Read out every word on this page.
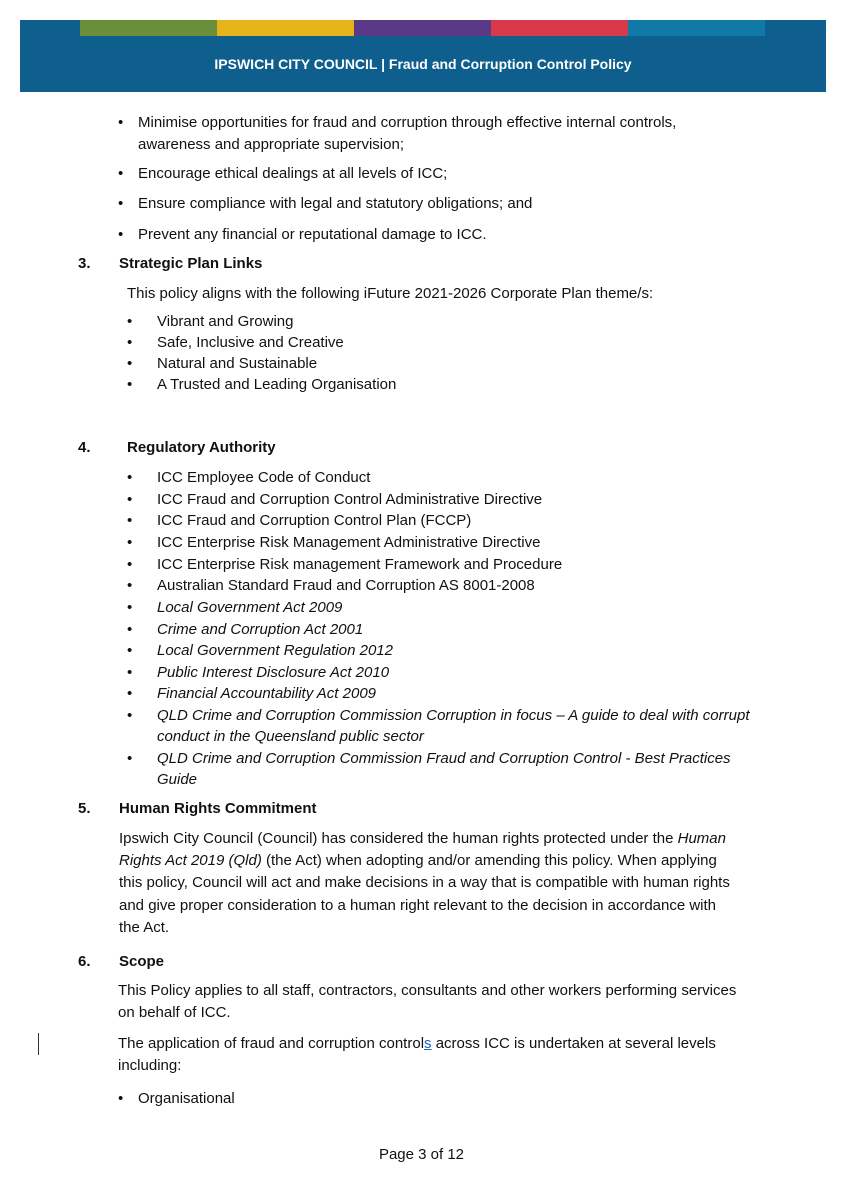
IPSWICH CITY COUNCIL | Fraud and Corruption Control Policy
• Minimise opportunities for fraud and corruption through effective internal controls,
awareness and appropriate supervision;
• Encourage ethical dealings at all levels of ICC;
• Ensure compliance with legal and statutory obligations; and
• Prevent any financial or reputational damage to ICC.
3. Strategic Plan Links
This policy aligns with the following iFuture 2021-2026 Corporate Plan theme/s:
• Vibrant and Growing
• Safe, Inclusive and Creative
• Natural and Sustainable
• A Trusted and Leading Organisation
4. Regulatory Authority
• ICC Employee Code of Conduct
• ICC Fraud and Corruption Control Administrative Directive
• ICC Fraud and Corruption Control Plan (FCCP)
• ICC Enterprise Risk Management Administrative Directive
• ICC Enterprise Risk management Framework and Procedure
• Australian Standard Fraud and Corruption AS 8001-2008
• Local Government Act 2009
• Crime and Corruption Act 2001
• Local Government Regulation 2012
• Public Interest Disclosure Act 2010
• Financial Accountability Act 2009
• QLD Crime and Corruption Commission Corruption in focus – A guide to deal with corrupt
conduct in the Queensland public sector
• QLD Crime and Corruption Commission Fraud and Corruption Control - Best Practices
Guide
5. Human Rights Commitment
Ipswich City Council (Council) has considered the human rights protected under the Human
Rights Act 2019 (Qld) (the Act) when adopting and/or amending this policy. When applying
this policy, Council will act and make decisions in a way that is compatible with human rights
and give proper consideration to a human right relevant to the decision in accordance with
the Act.
6. Scope
This Policy applies to all staff, contractors, consultants and other workers performing services
on behalf of ICC.
The application of fraud and corruption controls across ICC is undertaken at several levels
including:
• Organisational
Page 3 of 12
